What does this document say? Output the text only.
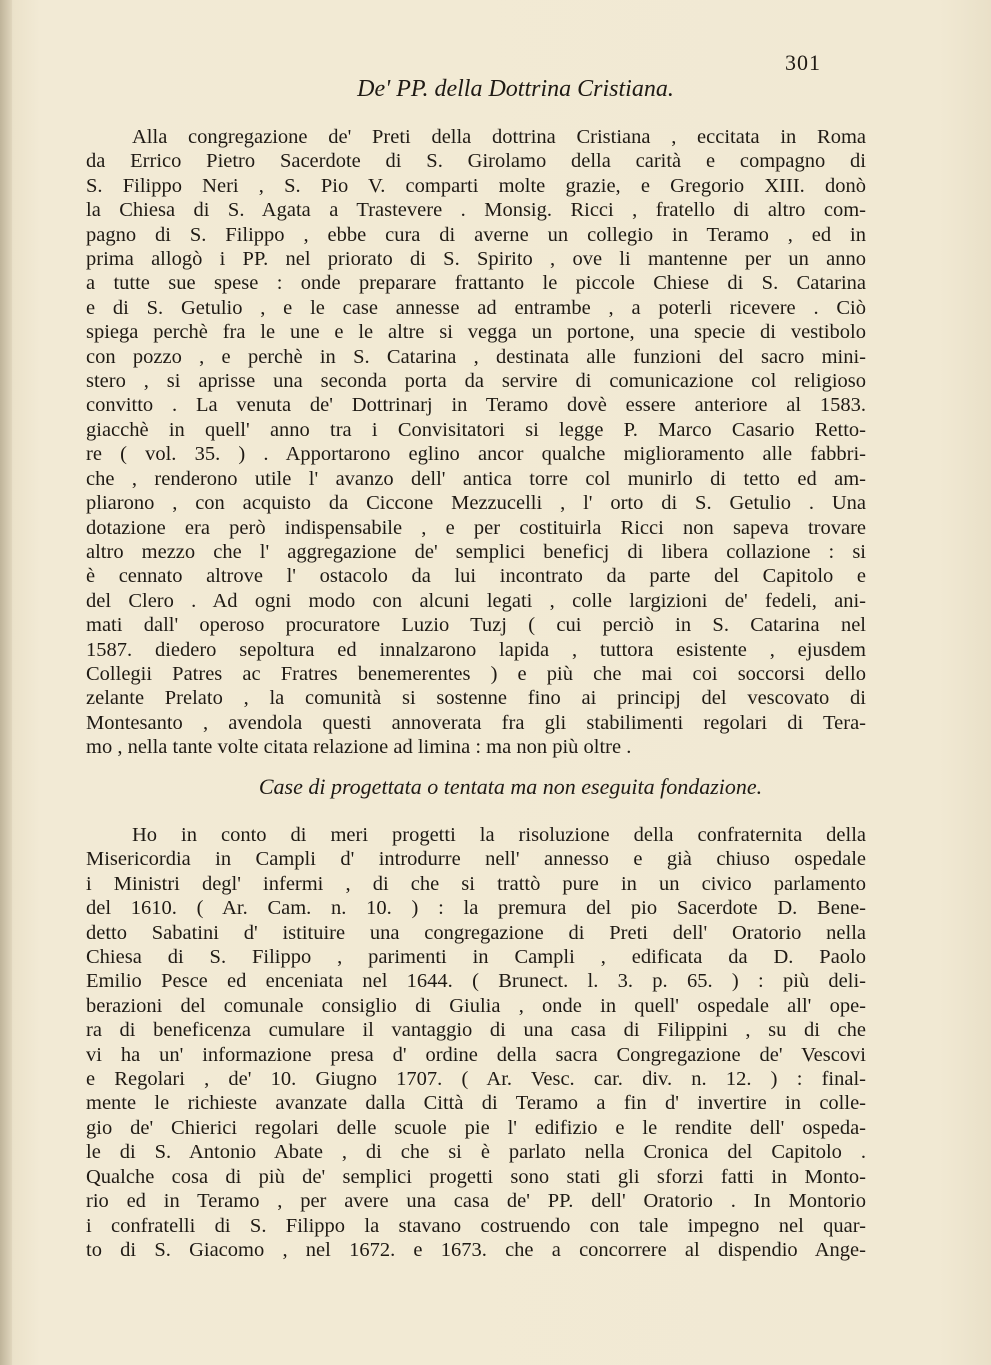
301
De' PP. della Dottrina Cristiana.
Alla congregazione de' Preti della dottrina Cristiana , eccitata in Roma
da Errico Pietro Sacerdote di S. Girolamo della carità e compagno di
S. Filippo Neri , S. Pio V. comparti molte grazie, e Gregorio XIII. donò
la Chiesa di S. Agata a Trastevere . Monsig. Ricci , fratello di altro com-
pagno di S. Filippo , ebbe cura di averne un collegio in Teramo , ed in
prima allogò i PP. nel priorato di S. Spirito , ove li mantenne per un anno
a tutte sue spese : onde preparare frattanto le piccole Chiese di S. Catarina
e di S. Getulio , e le case annesse ad entrambe , a poterli ricevere . Ciò
spiega perchè fra le une e le altre si vegga un portone, una specie di vestibolo
con pozzo , e perchè in S. Catarina , destinata alle funzioni del sacro mini-
stero , si aprisse una seconda porta da servire di comunicazione col religioso
convitto . La venuta de' Dottrinarj in Teramo dovè essere anteriore al 1583.
giacchè in quell' anno tra i Convisitatori si legge P. Marco Casario Retto-
re ( vol. 35. ) . Apportarono eglino ancor qualche miglioramento alle fabbri-
che , renderono utile l' avanzo dell' antica torre col munirlo di tetto ed am-
pliarono , con acquisto da Ciccone Mezzucelli , l' orto di S. Getulio . Una
dotazione era però indispensabile , e per costituirla Ricci non sapeva trovare
altro mezzo che l' aggregazione de' semplici beneficj di libera collazione : si
è cennato altrove l' ostacolo da lui incontrato da parte del Capitolo e
del Clero . Ad ogni modo con alcuni legati , colle largizioni de' fedeli, ani-
mati dall' operoso procuratore Luzio Tuzj ( cui perciò in S. Catarina nel
1587. diedero sepoltura ed innalzarono lapida , tuttora esistente , ejusdem
Collegii Patres ac Fratres benemerentes ) e più che mai coi soccorsi dello
zelante Prelato , la comunità si sostenne fino ai principj del vescovato di
Montesanto , avendola questi annoverata fra gli stabilimenti regolari di Tera-
mo , nella tante volte citata relazione ad limina : ma non più oltre .
Case di progettata o tentata ma non eseguita fondazione.
Ho in conto di meri progetti la risoluzione della confraternita della
Misericordia in Campli d' introdurre nell' annesso e già chiuso ospedale
i Ministri degl' infermi , di che si trattò pure in un civico parlamento
del 1610. ( Ar. Cam. n. 10. ) : la premura del pio Sacerdote D. Bene-
detto Sabatini d' istituire una congregazione di Preti dell' Oratorio nella
Chiesa di S. Filippo , parimenti in Campli , edificata da D. Paolo
Emilio Pesce ed enceniata nel 1644. ( Brunect. l. 3. p. 65. ) : più deli-
berazioni del comunale consiglio di Giulia , onde in quell' ospedale all' ope-
ra di beneficenza cumulare il vantaggio di una casa di Filippini , su di che
vi ha un' informazione presa d' ordine della sacra Congregazione de' Vescovi
e Regolari , de' 10. Giugno 1707. ( Ar. Vesc. car. div. n. 12. ) : final-
mente le richieste avanzate dalla Città di Teramo a fin d' invertire in colle-
gio de' Chierici regolari delle scuole pie l' edifizio e le rendite dell' ospeda-
le di S. Antonio Abate , di che si è parlato nella Cronica del Capitolo .
Qualche cosa di più de' semplici progetti sono stati gli sforzi fatti in Monto-
rio ed in Teramo , per avere una casa de' PP. dell' Oratorio . In Montorio
i confratelli di S. Filippo la stavano costruendo con tale impegno nel quar-
to di S. Giacomo , nel 1672. e 1673. che a concorrere al dispendio Ange-
